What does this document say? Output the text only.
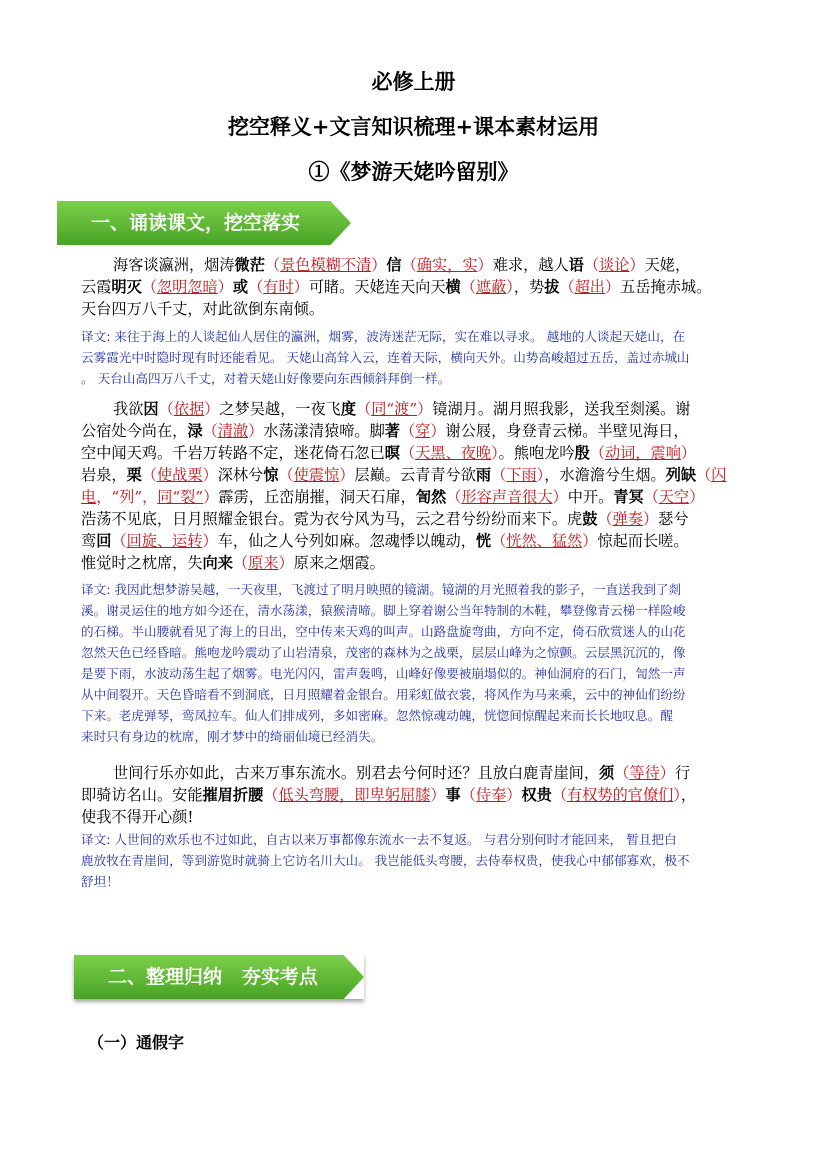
必修上册
挖空释义+文言知识梳理+课本素材运用
①《梦游天姥吟留别》
一、诵读课文，挖空落实
海客谈瀛洲，烟涛微茫（景色模糊不清）信（确实，实）难求，越人语（谈论）天姥，
云霞明灭（忽明忽暗）或（有时）可睹。天姥连天向天横（遮蔽），势拔（超出）五岳掩赤城。
天台四万八千丈，对此欲倒东南倾。
译文: 来往于海上的人谈起仙人居住的瀛洲，烟雾，波涛迷茫无际，实在难以寻求。 越地的人谈起天姥山，在
云雾霞光中时隐时现有时还能看见。 天姥山高耸入云，连着天际，横向天外。山势高峻超过五岳，盖过赤城山
。 天台山高四万八千丈，对着天姥山好像要向东西倾斜拜倒一样。
我欲因（依据）之梦吴越，一夜飞度（同“渡”）镜湖月。湖月照我影，送我至剡溪。谢
公宿处今尚在，渌（清澈）水荡漾清猿啼。脚著（穿）谢公屐，身登青云梯。半壁见海日，
空中闻天鸡。千岩万转路不定，迷花倚石忽已暝（天黑、夜晚）。熊咆龙吟殷（动词，震响）
岩泉，栗（使战栗）深林兮惊（使震惊）层巅。云青青兮欲雨（下雨），水澹澹兮生烟。列缺（闪
电，“列”，同“裂”）霹雳，丘峦崩摧，洞天石扉，訇然（形容声音很大）中开。青冥（天空）
浩荡不见底，日月照耀金银台。霓为衣兮风为马，云之君兮纷纷而来下。虎鼓（弹奏）瑟兮
鸾回（回旋、运转）车，仙之人兮列如麻。忽魂悸以魄动，恍（恍然、猛然）惊起而长嗟。
惟觉时之枕席，失向来（原来）原来之烟霞。
译文: 我因此想梦游吴越，一天夜里，飞渡过了明月映照的镜湖。镜湖的月光照着我的影子，一直送我到了剡
溪。谢灵运住的地方如今还在，清水荡漾，猿猴清啼。脚上穿着谢公当年特制的木鞋，攀登像青云梯一样险峻
的石梯。半山腰就看见了海上的日出，空中传来天鸡的叫声。山路盘旋弯曲，方向不定，倚石欣赏迷人的山花
忽然天色已经昏暗。熊咆龙吟震动了山岩清泉，茂密的森林为之战栗，层层山峰为之惊颤。云层黑沉沉的，像
是要下雨，水波动荡生起了烟雾。电光闪闪，雷声轰鸣，山峰好像要被崩塌似的。神仙洞府的石门，訇然一声
从中间裂开。天色昏暗看不到洞底，日月照耀着金银台。用彩虹做衣裳，将风作为马来乘，云中的神仙们纷纷
下来。老虎弹琴，鸾凤拉车。仙人们排成列，多如密麻。忽然惊魂动魄，恍惚间惊醒起来而长长地叹息。醒
来时只有身边的枕席，刚才梦中的绮丽仙境已经消失。
世间行乐亦如此，古来万事东流水。别君去兮何时还？且放白鹿青崖间，须（等待）行
即骑访名山。安能摧眉折腰（低头弯腰，即卑躬屈膝）事（侍奉）权贵（有权势的官僚们），
使我不得开心颜!
译文: 人世间的欢乐也不过如此，自古以来万事都像东流水一去不复返。 与君分别何时才能回来， 暂且把白
鹿放牧在青崖间，等到游览时就骑上它访名川大山。 我岂能低头弯腰，去侍奉权贵，使我心中郁郁寡欢，极不
舒坦！
二、整理归纳   夯实考点
（一）通假字
